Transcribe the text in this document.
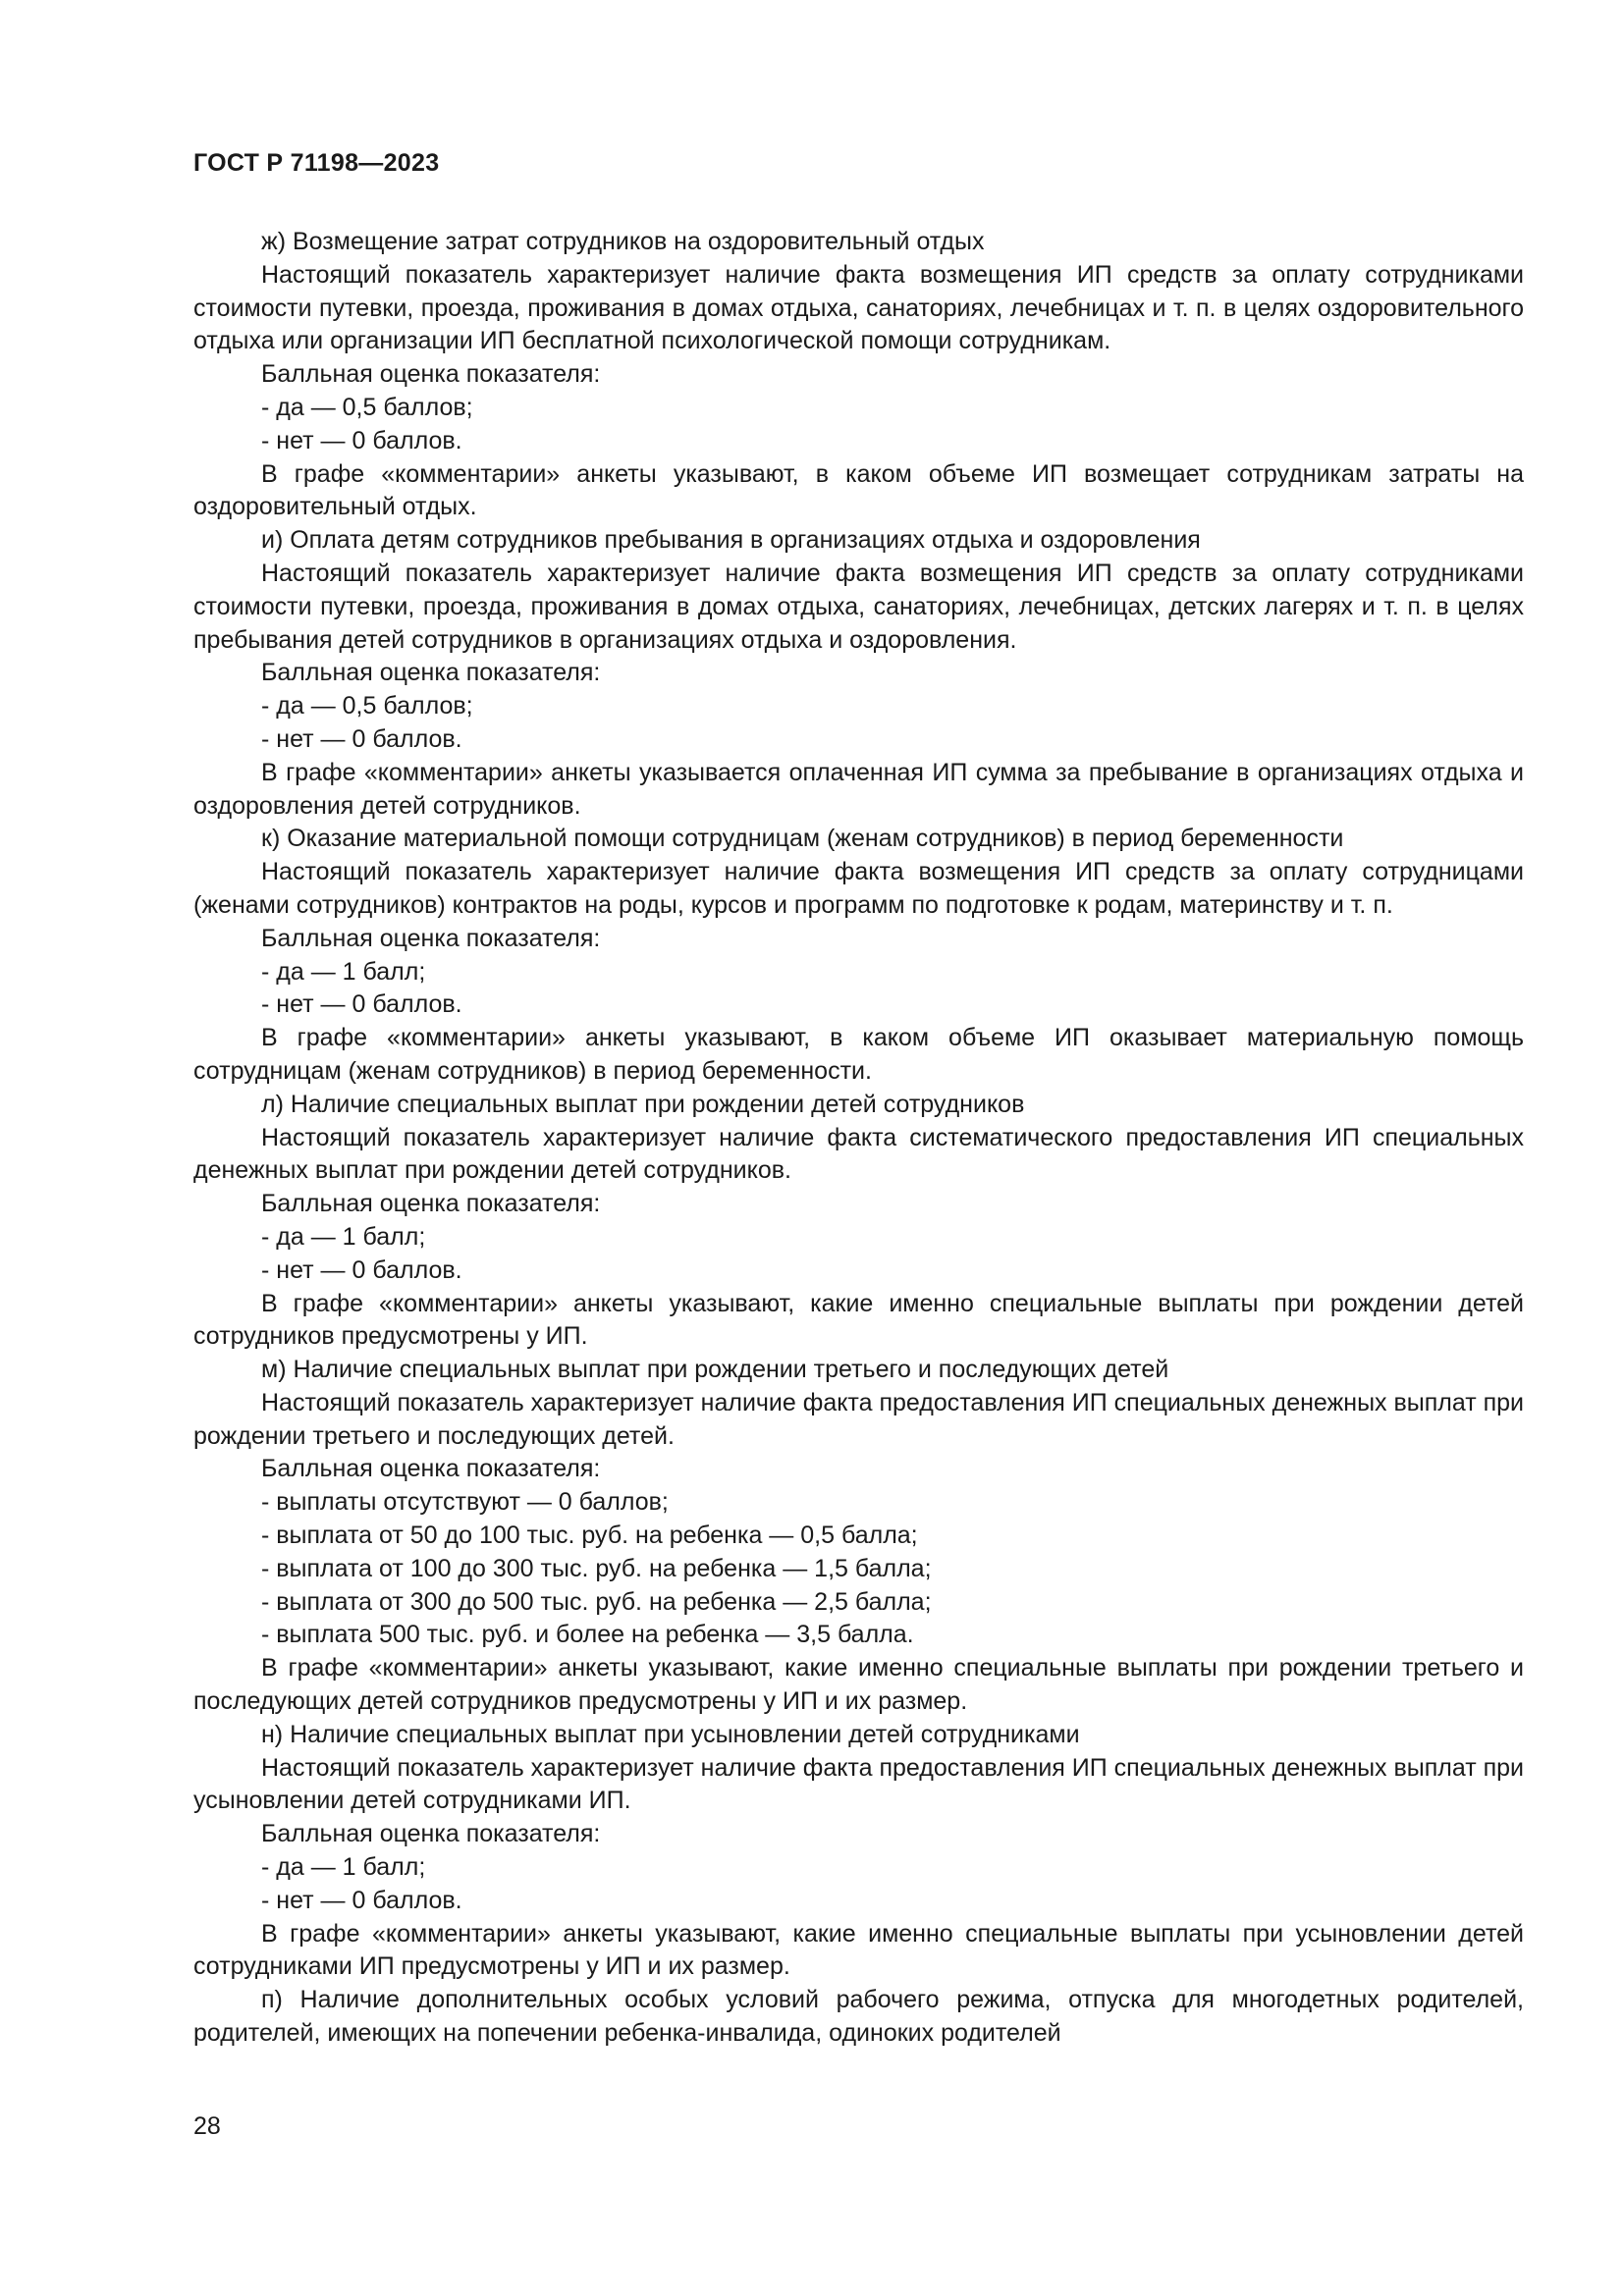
ГОСТ Р 71198—2023
ж) Возмещение затрат сотрудников на оздоровительный отдых
Настоящий показатель характеризует наличие факта возмещения ИП средств за оплату сотрудниками стоимости путевки, проезда, проживания в домах отдыха, санаториях, лечебницах и т. п. в целях оздоровительного отдыха или организации ИП бесплатной психологической помощи сотрудникам.
Балльная оценка показателя:
- да — 0,5 баллов;
- нет — 0 баллов.
В графе «комментарии» анкеты указывают, в каком объеме ИП возмещает сотрудникам затраты на оздоровительный отдых.
и) Оплата детям сотрудников пребывания в организациях отдыха и оздоровления
Настоящий показатель характеризует наличие факта возмещения ИП средств за оплату сотрудниками стоимости путевки, проезда, проживания в домах отдыха, санаториях, лечебницах, детских лагерях и т. п. в целях пребывания детей сотрудников в организациях отдыха и оздоровления.
Балльная оценка показателя:
- да — 0,5 баллов;
- нет — 0 баллов.
В графе «комментарии» анкеты указывается оплаченная ИП сумма за пребывание в организациях отдыха и оздоровления детей сотрудников.
к) Оказание материальной помощи сотрудницам (женам сотрудников) в период беременности
Настоящий показатель характеризует наличие факта возмещения ИП средств за оплату сотрудницами (женами сотрудников) контрактов на роды, курсов и программ по подготовке к родам, материнству и т. п.
Балльная оценка показателя:
- да — 1 балл;
- нет — 0 баллов.
В графе «комментарии» анкеты указывают, в каком объеме ИП оказывает материальную помощь сотрудницам (женам сотрудников) в период беременности.
л) Наличие специальных выплат при рождении детей сотрудников
Настоящий показатель характеризует наличие факта систематического предоставления ИП специальных денежных выплат при рождении детей сотрудников.
Балльная оценка показателя:
- да — 1 балл;
- нет — 0 баллов.
В графе «комментарии» анкеты указывают, какие именно специальные выплаты при рождении детей сотрудников предусмотрены у ИП.
м) Наличие специальных выплат при рождении третьего и последующих детей
Настоящий показатель характеризует наличие факта предоставления ИП специальных денежных выплат при рождении третьего и последующих детей.
Балльная оценка показателя:
- выплаты отсутствуют — 0 баллов;
- выплата от 50 до 100 тыс. руб. на ребенка — 0,5 балла;
- выплата от 100 до 300 тыс. руб. на ребенка — 1,5 балла;
- выплата от 300 до 500 тыс. руб. на ребенка — 2,5 балла;
- выплата 500 тыс. руб. и более на ребенка — 3,5 балла.
В графе «комментарии» анкеты указывают, какие именно специальные выплаты при рождении третьего и последующих детей сотрудников предусмотрены у ИП и их размер.
н) Наличие специальных выплат при усыновлении детей сотрудниками
Настоящий показатель характеризует наличие факта предоставления ИП специальных денежных выплат при усыновлении детей сотрудниками ИП.
Балльная оценка показателя:
- да — 1 балл;
- нет — 0 баллов.
В графе «комментарии» анкеты указывают, какие именно специальные выплаты при усыновлении детей сотрудниками ИП предусмотрены у ИП и их размер.
п) Наличие дополнительных особых условий рабочего режима, отпуска для многодетных родителей, родителей, имеющих на попечении ребенка-инвалида, одиноких родителей
28
